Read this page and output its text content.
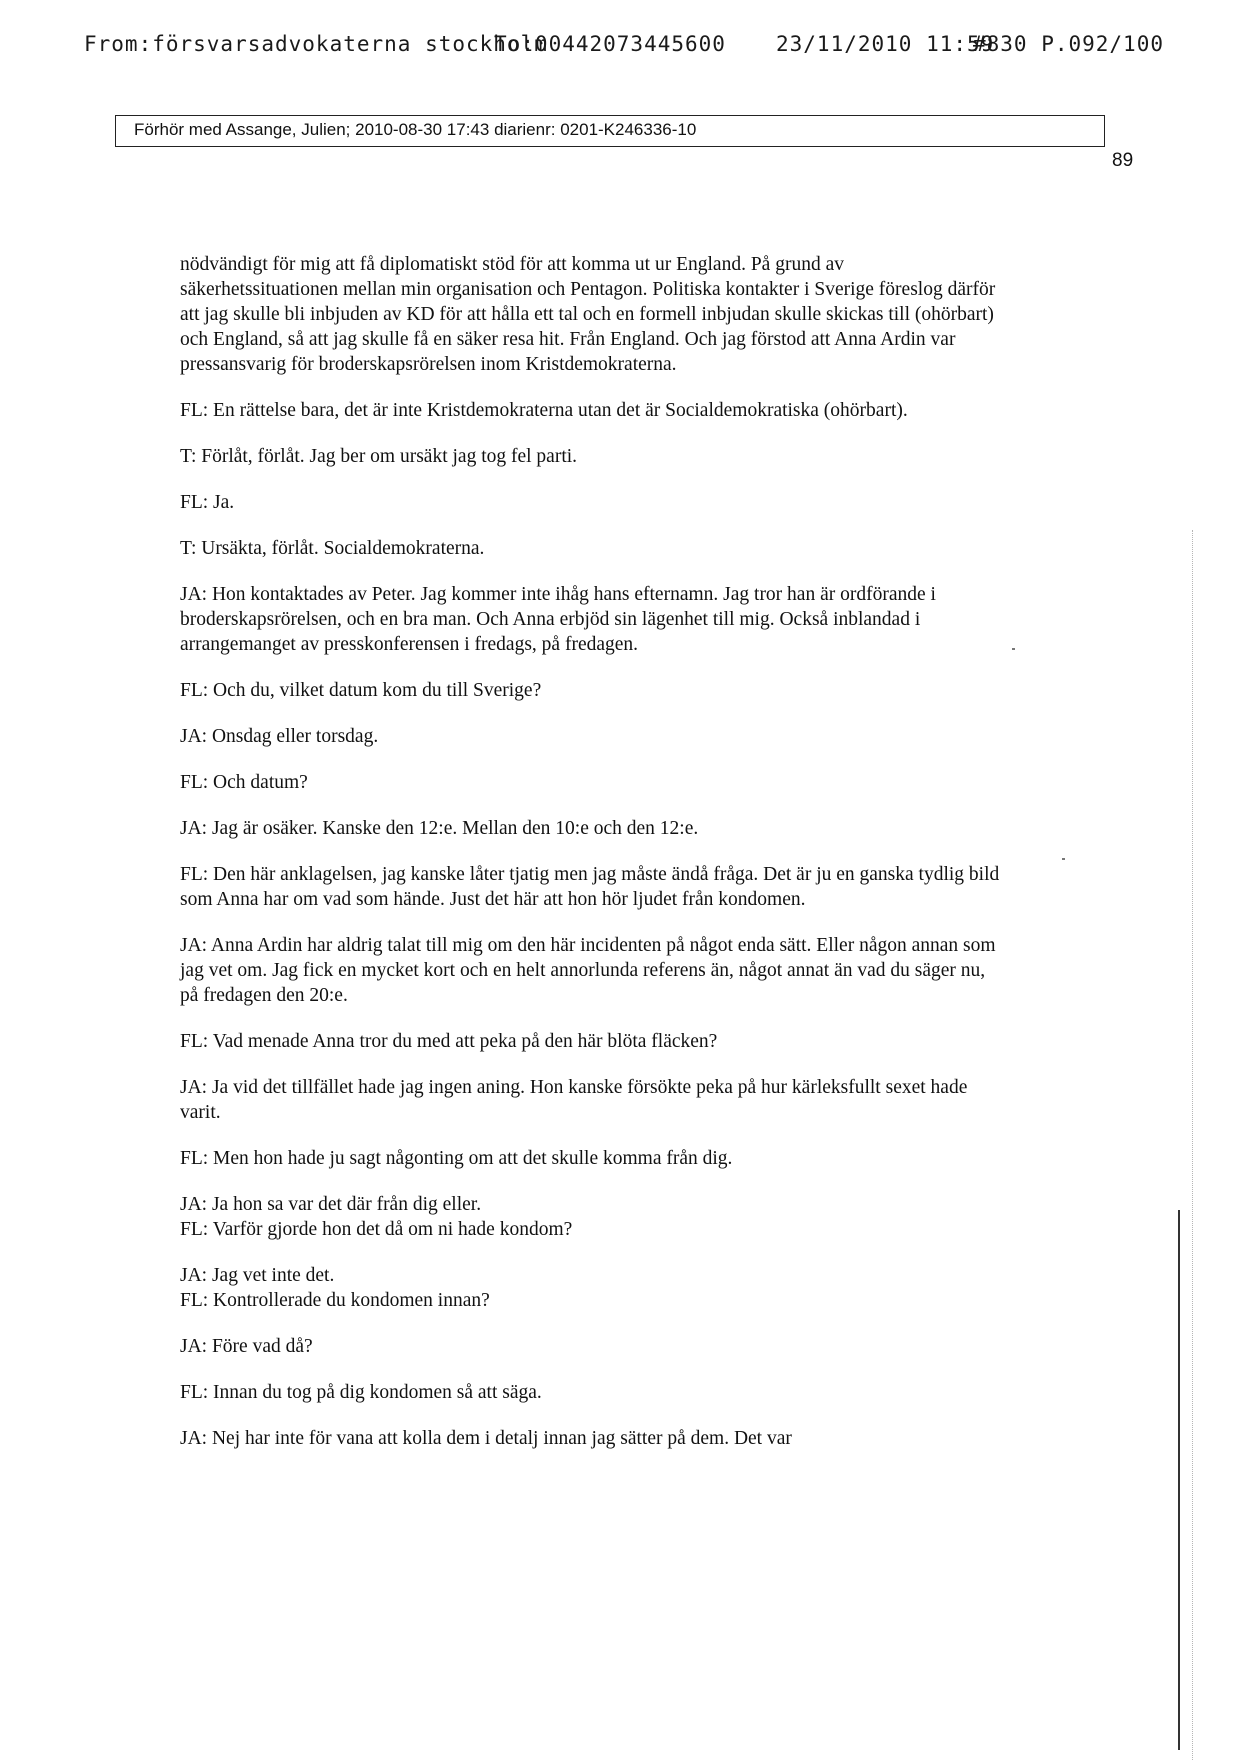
From:försvarsadvokaterna stockholm
To:00442073445600 23/11/2010 11:59
#830 P.092/100
Förhör med Assange, Julien; 2010-08-30 17:43 diarienr: 0201-K246336-10
89

nödvändigt för mig att få diplomatiskt stöd för att komma ut ur England. På grund av säkerhetssituationen mellan min organisation och Pentagon. Politiska kontakter i Sverige föreslog därför att jag skulle bli inbjuden av KD för att hålla ett tal och en formell inbjudan skulle skickas till (ohörbart) och England, så att jag skulle få en säker resa hit. Från England. Och jag förstod att Anna Ardin var pressansvarig för broderskapsrörelsen inom Kristdemokraterna.

FL: En rättelse bara, det är inte Kristdemokraterna utan det är Socialdemokratiska (ohörbart).

T: Förlåt, förlåt. Jag ber om ursäkt jag tog fel parti.

FL: Ja.

T: Ursäkta, förlåt. Socialdemokraterna.

JA: Hon kontaktades av Peter. Jag kommer inte ihåg hans efternamn. Jag tror han är ordförande i broderskapsrörelsen, och en bra man. Och Anna erbjöd sin lägenhet till mig. Också inblandad i arrangemanget av presskonferensen i fredags, på fredagen.

FL: Och du, vilket datum kom du till Sverige?

JA: Onsdag eller torsdag.

FL: Och datum?

JA: Jag är osäker. Kanske den 12:e. Mellan den 10:e och den 12:e.

FL: Den här anklagelsen, jag kanske låter tjatig men jag måste ändå fråga. Det är ju en ganska tydlig bild som Anna har om vad som hände. Just det här att hon hör ljudet från kondomen.

JA: Anna Ardin har aldrig talat till mig om den här incidenten på något enda sätt. Eller någon annan som jag vet om. Jag fick en mycket kort och en helt annorlunda referens än, något annat än vad du säger nu, på fredagen den 20:e.

FL: Vad menade Anna tror du med att peka på den här blöta fläcken?

JA: Ja vid det tillfället hade jag ingen aning. Hon kanske försökte peka på hur kärleksfullt sexet hade varit.

FL: Men hon hade ju sagt någonting om att det skulle komma från dig.

JA: Ja hon sa var det där från dig eller.

FL: Varför gjorde hon det då om ni hade kondom?

JA: Jag vet inte det.

FL: Kontrollerade du kondomen innan?

JA: Före vad då?

FL: Innan du tog på dig kondomen så att säga.

JA: Nej har inte för vana att kolla dem i detalj innan jag sätter på dem. Det var
